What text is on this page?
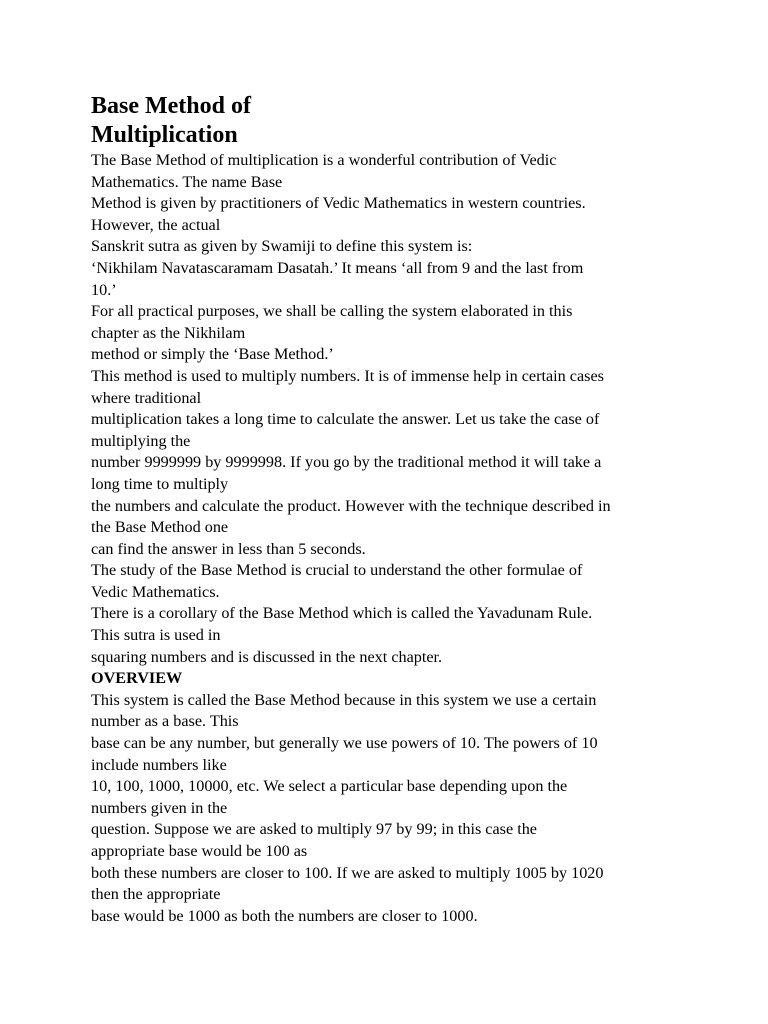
Base Method of Multiplication
The Base Method of multiplication is a wonderful contribution of Vedic
Mathematics. The name Base
Method is given by practitioners of Vedic Mathematics in western countries.
However, the actual
Sanskrit sutra as given by Swamiji to define this system is:
‘Nikhilam Navatascaramam Dasatah.’ It means ‘all from 9 and the last from
10.’
For all practical purposes, we shall be calling the system elaborated in this
chapter as the Nikhilam
method or simply the ‘Base Method.’
This method is used to multiply numbers. It is of immense help in certain cases
where traditional
multiplication takes a long time to calculate the answer. Let us take the case of
multiplying the
number 9999999 by 9999998. If you go by the traditional method it will take a
long time to multiply
the numbers and calculate the product. However with the technique described in
the Base Method one
can find the answer in less than 5 seconds.
The study of the Base Method is crucial to understand the other formulae of
Vedic Mathematics.
There is a corollary of the Base Method which is called the Yavadunam Rule.
This sutra is used in
squaring numbers and is discussed in the next chapter.
OVERVIEW
This system is called the Base Method because in this system we use a certain
number as a base. This
base can be any number, but generally we use powers of 10. The powers of 10
include numbers like
10, 100, 1000, 10000, etc. We select a particular base depending upon the
numbers given in the
question. Suppose we are asked to multiply 97 by 99; in this case the
appropriate base would be 100 as
both these numbers are closer to 100. If we are asked to multiply 1005 by 1020
then the appropriate
base would be 1000 as both the numbers are closer to 1000.
